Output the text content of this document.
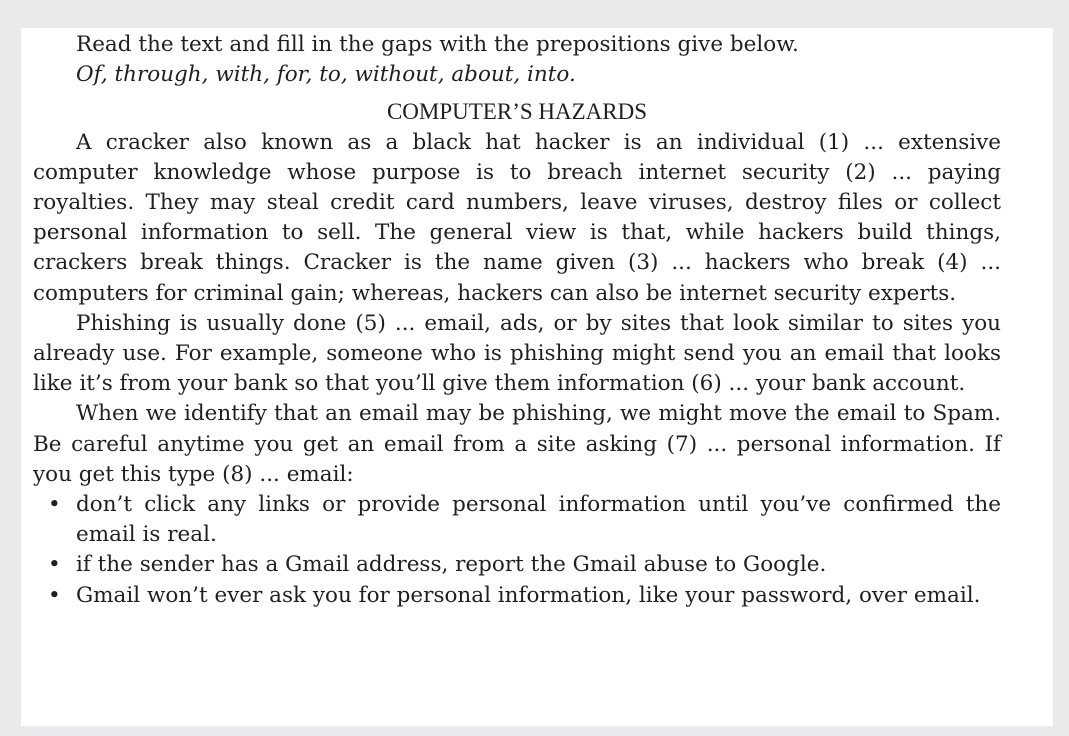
Read the text and fill in the gaps with the prepositions give below.
Of, through, with, for, to, without, about, into.
COMPUTER’S HAZARDS

A cracker also known as a black hat hacker is an individual (1) ... extensive computer knowledge whose purpose is to breach internet security (2) ... paying royalties. They may steal credit card numbers, leave viruses, destroy files or collect personal information to sell. The general view is that, while hackers build things, crackers break things. Cracker is the name given (3) ... hackers who break (4) ... computers for criminal gain; whereas, hackers can also be internet security experts.

Phishing is usually done (5) ... email, ads, or by sites that look similar to sites you already use. For example, someone who is phishing might send you an email that looks like it’s from your bank so that you’ll give them information (6) ... your bank account.

When we identify that an email may be phishing, we might move the email to Spam. Be careful anytime you get an email from a site asking (7) ... personal information. If you get this type (8) ... email:

• don’t click any links or provide personal information until you’ve confirmed the email is real.
• if the sender has a Gmail address, report the Gmail abuse to Google.
• Gmail won’t ever ask you for personal information, like your password, over email.
